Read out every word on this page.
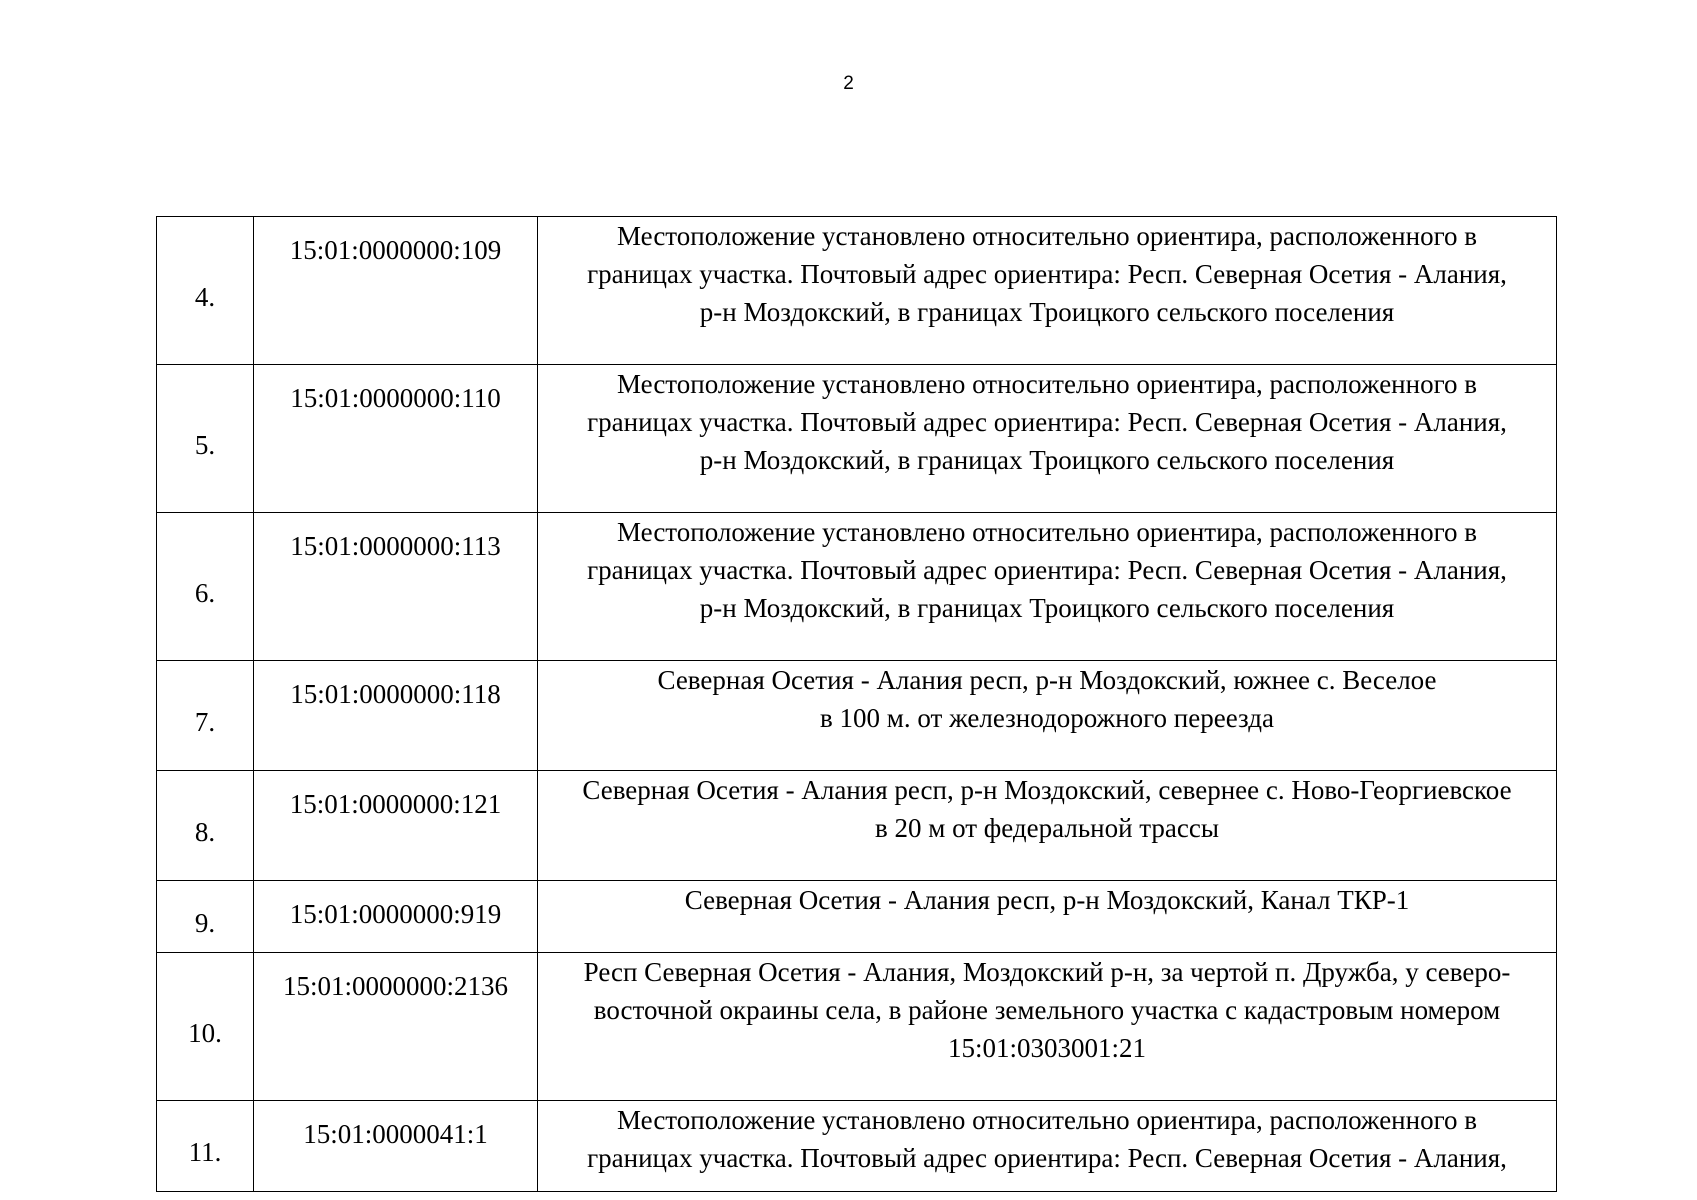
2
4.	15:01:0000000:109	Местоположение установлено относительно ориентира, расположенного в
границах участка. Почтовый адрес ориентира: Респ. Северная Осетия - Алания,
р-н Моздокский, в границах Троицкого сельского поселения

5.	15:01:0000000:110	Местоположение установлено относительно ориентира, расположенного в
границах участка. Почтовый адрес ориентира: Респ. Северная Осетия - Алания,
р-н Моздокский, в границах Троицкого сельского поселения

6.	15:01:0000000:113	Местоположение установлено относительно ориентира, расположенного в
границах участка. Почтовый адрес ориентира: Респ. Северная Осетия - Алания,
р-н Моздокский, в границах Троицкого сельского поселения

7.	15:01:0000000:118	Северная Осетия - Алания респ, р-н Моздокский, южнее с. Веселое
в 100 м. от железнодорожного переезда

8.	15:01:0000000:121	Северная Осетия - Алания респ, р-н Моздокский, севернее с. Ново-Георгиевское
в 20 м от федеральной трассы

9.	15:01:0000000:919	Северная Осетия - Алания респ, р-н Моздокский, Канал ТКР-1

10.	15:01:0000000:2136	Респ Северная Осетия - Алания, Моздокский р-н, за чертой п. Дружба, у северо-
восточной окраины села, в районе земельного участка с кадастровым номером
15:01:0303001:21

11.	15:01:0000041:1	Местоположение установлено относительно ориентира, расположенного в
границах участка. Почтовый адрес ориентира: Респ. Северная Осетия - Алания,
